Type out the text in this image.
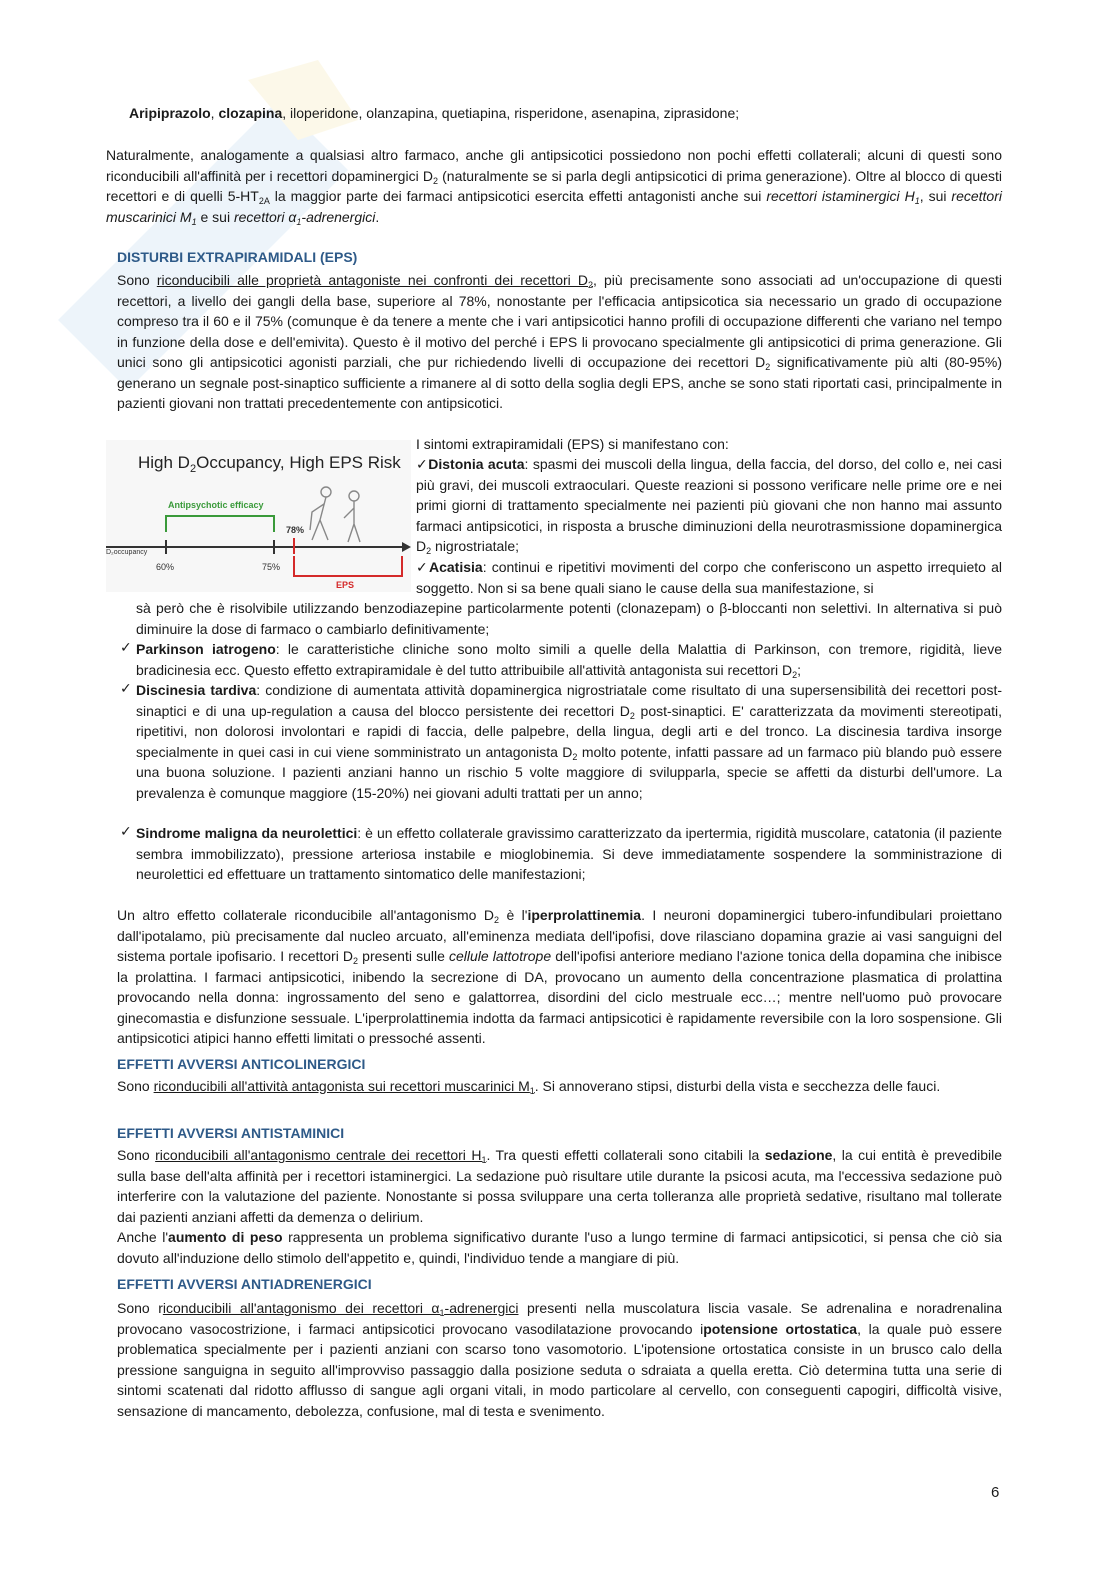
Aripiprazolo, clozapina, iloperidone, olanzapina, quetiapina, risperidone, asenapina, ziprasidone;

Naturalmente, analogamente a qualsiasi altro farmaco, anche gli antipsicotici possiedono non pochi effetti collaterali; alcuni di questi sono riconducibili all'affinità per i recettori dopaminergici $D_2$ (naturalmente se si parla degli antipsicotici di prima generazione). Oltre al blocco di questi recettori e di quelli $5-HT_{2A}$ la maggior parte dei farmaci antipsicotici esercita effetti antagonisti anche sui recettori istaminergici $H_1$, sui recettori muscarinici $M_1$ e sui recettori $\alpha_1$-adrenergici.

DISTURBI EXTRAPIRAMIDALI (EPS)

Sono riconducibili alle proprietà antagoniste nei confronti dei recettori $D_2$, più precisamente sono associati ad un'occupazione di questi recettori, a livello dei gangli della base, superiore al 78%, nonostante per l'efficacia antipsicotica sia necessario un grado di occupazione compreso tra il 60 e il 75% (comunque è da tenere a mente che i vari antipsicotici hanno profili di occupazione differenti che variano nel tempo in funzione della dose e dell'emivita). Questo è il motivo del perché i EPS li provocano specialmente gli antipsicotici di prima generazione. Gli unici sono gli antipsicotici agonisti parziali, che pur richiedendo livelli di occupazione dei recettori $D_2$ significativamente più alti (80-95%) generano un segnale post-sinaptico sufficiente a rimanere al di sotto della soglia degli EPS, anche se sono stati riportati casi, principalmente in pazienti giovani non trattati precedentemente con antipsicotici.

High $D_2Occupancy$, High EPS Risk
Antipsychotic efficacy
D₂occupancy
60%	75%
78%
EPS

I sintomi extrapiramidali (EPS) si manifestano con:

✓Distonia acuta: spasmi dei muscoli della lingua, della faccia, del dorso, del collo e, nei casi più gravi, dei muscoli extraoculari. Queste reazioni si possono verificare nelle prime ore e nei primi giorni di trattamento specialmente nei pazienti più giovani che non hanno mai assunto farmaci antipsicotici, in risposta a brusche diminuzioni della neurotrasmissione dopaminergica $D_2$ nigrostriatale;

✓Acatisia: continui e ripetitivi movimenti del corpo che conferiscono un aspetto irrequieto al soggetto. Non si sa bene quali siano le cause della sua manifestazione, si

sà però che è risolvibile utilizzando benzodiazepine particolarmente potenti (clonazepam) o β-bloccanti non selettivi. In alternativa si può diminuire la dose di farmaco o cambiarlo definitivamente;

✓ Parkinson iatrogeno: le caratteristiche cliniche sono molto simili a quelle della Malattia di Parkinson, con tremore, rigidità, lieve bradicinesia ecc. Questo effetto extrapiramidale è del tutto attribuibile all'attività antagonista sui recettori $D_2$;

✓ Discinesia tardiva: condizione di aumentata attività dopaminergica nigrostriatale come risultato di una supersensibilità dei recettori post-sinaptici e di una up-regulation a causa del blocco persistente dei recettori $D_2$ post-sinaptici. E' caratterizzata da movimenti stereotipati, ripetitivi, non dolorosi involontari e rapidi di faccia, delle palpebre, della lingua, degli arti e del tronco. La discinesia tardiva insorge specialmente in quei casi in cui viene somministrato un antagonista $D_2$ molto potente, infatti passare ad un farmaco più blando può essere una buona soluzione. I pazienti anziani hanno un rischio 5 volte maggiore di svilupparla, specie se affetti da disturbi dell'umore. La prevalenza è comunque maggiore (15-20%) nei giovani adulti trattati per un anno;

✓ Sindrome maligna da neurolettici: è un effetto collaterale gravissimo caratterizzato da ipertermia, rigidità muscolare, catatonia (il paziente sembra immobilizzato), pressione arteriosa instabile e mioglobinemia. Si deve immediatamente sospendere la somministrazione di neurolettici ed effettuare un trattamento sintomatico delle manifestazioni;

Un altro effetto collaterale riconducibile all'antagonismo $D_2$ è l'iperprolattinemia. I neuroni dopaminergici tubero-infundibulari proiettano dall'ipotalamo, più precisamente dal nucleo arcuato, all'eminenza mediata dell'ipofisi, dove rilasciano dopamina grazie ai vasi sanguigni del sistema portale ipofisario. I recettori $D_2$ presenti sulle cellule lattotrope dell'ipofisi anteriore mediano l'azione tonica della dopamina che inibisce la prolattina. I farmaci antipsicotici, inibendo la secrezione di DA, provocano un aumento della concentrazione plasmatica di prolattina provocando nella donna: ingrossamento del seno e galattorrea, disordini del ciclo mestruale ecc…; mentre nell'uomo può provocare ginecomastia e disfunzione sessuale. L'iperprolattinemia indotta da farmaci antipsicotici è rapidamente reversibile con la loro sospensione. Gli antipsicotici atipici hanno effetti limitati o pressoché assenti.

EFFETTI AVVERSI ANTICOLINERGICI

Sono riconducibili all'attività antagonista sui recettori muscarinici $M_1$. Si annoverano stipsi, disturbi della vista e secchezza delle fauci.

EFFETTI AVVERSI ANTISTAMINICI

Sono riconducibili all'antagonismo centrale dei recettori $H_1$. Tra questi effetti collaterali sono citabili la sedazione, la cui entità è prevedibile sulla base dell'alta affinità per i recettori istaminergici. La sedazione può risultare utile durante la psicosi acuta, ma l'eccessiva sedazione può interferire con la valutazione del paziente. Nonostante si possa sviluppare una certa tolleranza alle proprietà sedative, risultano mal tollerate dai pazienti anziani affetti da demenza o delirium.
Anche l'aumento di peso rappresenta un problema significativo durante l'uso a lungo termine di farmaci antipsicotici, si pensa che ciò sia dovuto all'induzione dello stimolo dell'appetito e, quindi, l'individuo tende a mangiare di più.

EFFETTI AVVERSI ANTIADRENERGICI

Sono riconducibili all'antagonismo dei recettori $\alpha_1$-adrenergici presenti nella muscolatura liscia vasale. Se adrenalina e noradrenalina provocano vasocostrizione, i farmaci antipsicotici provocano vasodilatazione provocando ipotensione ortostatica, la quale può essere problematica specialmente per i pazienti anziani con scarso tono vasomotorio. L'ipotensione ortostatica consiste in un brusco calo della pressione sanguigna in seguito all'improvviso passaggio dalla posizione seduta o sdraiata a quella eretta. Ciò determina tutta una serie di sintomi scatenati dal ridotto afflusso di sangue agli organi vitali, in modo particolare al cervello, con conseguenti capogiri, difficoltà visive, sensazione di mancamento, debolezza, confusione, mal di testa e svenimento.

6
